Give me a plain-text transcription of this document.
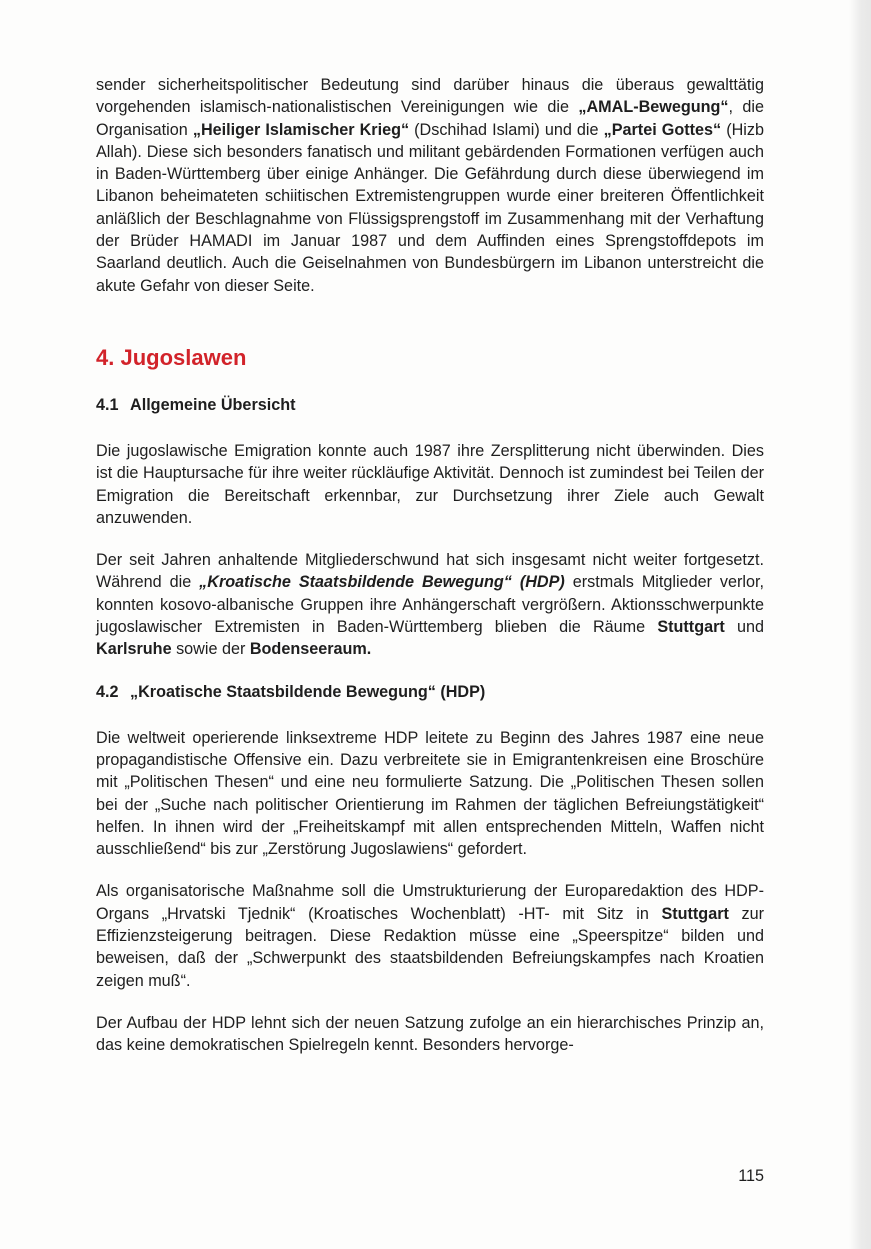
sender sicherheitspolitischer Bedeutung sind darüber hinaus die überaus gewalttätig vorgehenden islamisch-nationalistischen Vereinigungen wie die „AMAL-Bewegung“, die Organisation „Heiliger Islamischer Krieg“ (Dschihad Islami) und die „Partei Gottes“ (Hizb Allah). Diese sich besonders fanatisch und militant gebärdenden Formationen verfügen auch in Baden-Württemberg über einige Anhänger. Die Gefährdung durch diese überwiegend im Libanon beheimateten schiitischen Extremistengruppen wurde einer breiteren Öffentlichkeit anläßlich der Beschlagnahme von Flüssigsprengstoff im Zusammenhang mit der Verhaftung der Brüder HAMADI im Januar 1987 und dem Auffinden eines Sprengstoffdepots im Saarland deutlich. Auch die Geiselnahmen von Bundesbürgern im Libanon unterstreicht die akute Gefahr von dieser Seite.

4. Jugoslawen
4.1 Allgemeine Übersicht

Die jugoslawische Emigration konnte auch 1987 ihre Zersplitterung nicht überwinden. Dies ist die Hauptursache für ihre weiter rückläufige Aktivität. Dennoch ist zumindest bei Teilen der Emigration die Bereitschaft erkennbar, zur Durchsetzung ihrer Ziele auch Gewalt anzuwenden.

Der seit Jahren anhaltende Mitgliederschwund hat sich insgesamt nicht weiter fortgesetzt. Während die „Kroatische Staatsbildende Bewegung“ (HDP) erstmals Mitglieder verlor, konnten kosovo-albanische Gruppen ihre Anhängerschaft vergrößern. Aktionsschwerpunkte jugoslawischer Extremisten in Baden-Württemberg blieben die Räume Stuttgart und Karlsruhe sowie der Bodenseeraum.

4.2 „Kroatische Staatsbildende Bewegung“ (HDP)

Die weltweit operierende linksextreme HDP leitete zu Beginn des Jahres 1987 eine neue propagandistische Offensive ein. Dazu verbreitete sie in Emigrantenkreisen eine Broschüre mit „Politischen Thesen“ und eine neu formulierte Satzung. Die „Politischen Thesen sollen bei der „Suche nach politischer Orientierung im Rahmen der täglichen Befreiungstätigkeit“ helfen. In ihnen wird der „Freiheitskampf mit allen entsprechenden Mitteln, Waffen nicht ausschließend“ bis zur „Zerstörung Jugoslawiens“ gefordert.

Als organisatorische Maßnahme soll die Umstrukturierung der Europaredaktion des HDP-Organs „Hrvatski Tjednik“ (Kroatisches Wochenblatt) -HT- mit Sitz in Stuttgart zur Effizienzsteigerung beitragen. Diese Redaktion müsse eine „Speerspitze“ bilden und beweisen, daß der „Schwerpunkt des staatsbildenden Befreiungskampfes nach Kroatien zeigen muß“.

Der Aufbau der HDP lehnt sich der neuen Satzung zufolge an ein hierarchisches Prinzip an, das keine demokratischen Spielregeln kennt. Besonders hervorge-

115
